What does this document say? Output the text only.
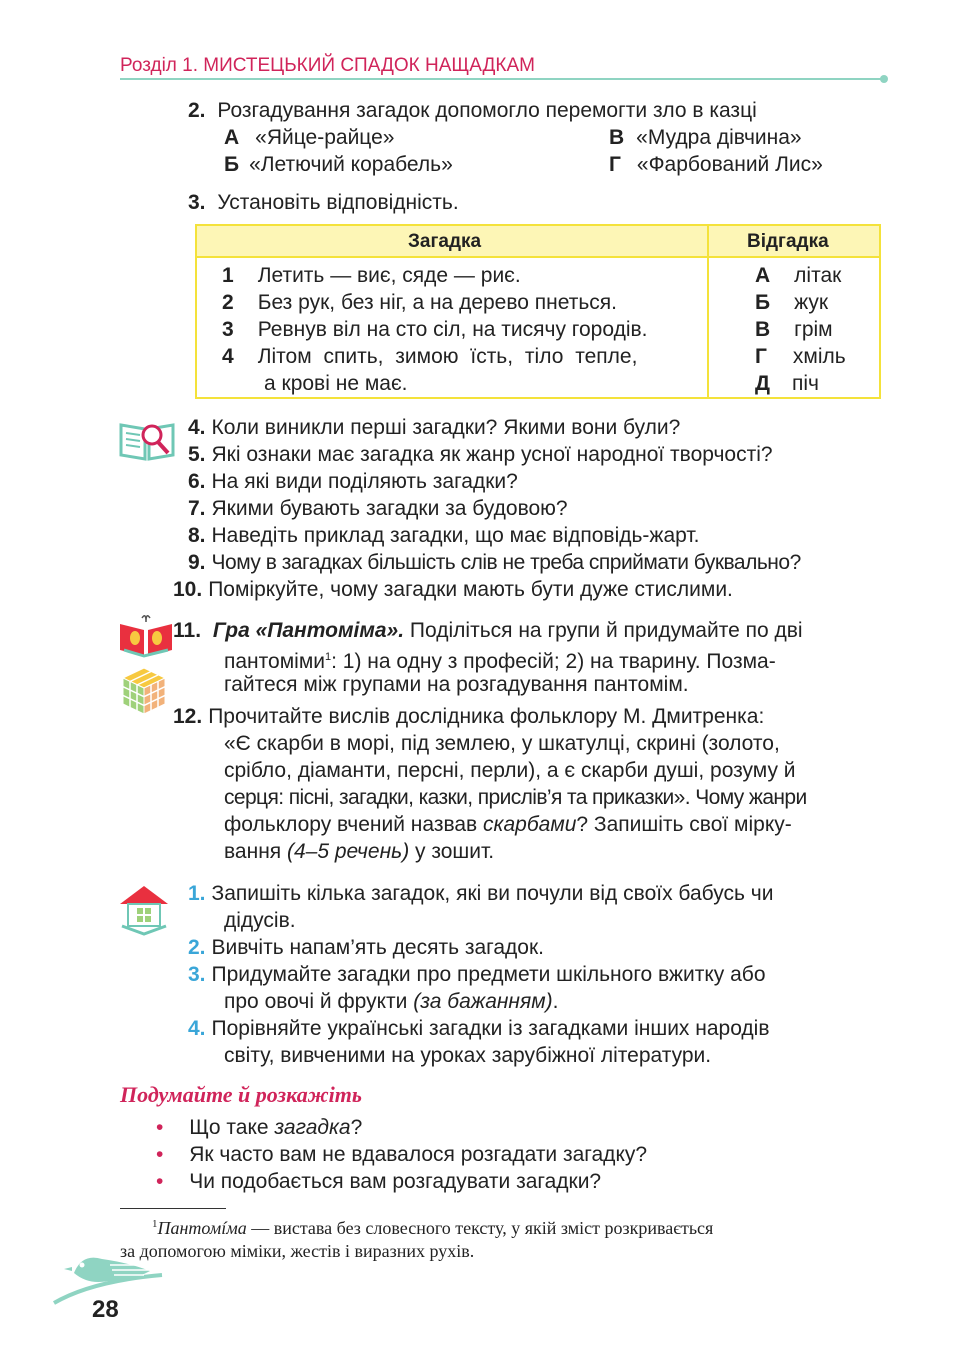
Розділ 1. МИСТЕЦЬКИЙ СПАДОК НАЩАДКАМ
2. Розгадування загадок допомогло перемогти зло в казці
А «Яйце-райце»
Б «Летючий корабель»
В «Мудра дівчина»
Г «Фарбований Лис»
3. Установіть відповідність.
Загадка	Відгадка
1 Летить — виє, сяде — риє.
2 Без рук, без ніг, а на дерево пнеться.
3 Ревнув віл на сто сіл, на тисячу городів.
4 Літом спить, зимою їсть, тіло тепле,
а крові не має.
А літак
Б жук
В грім
Г хміль
Д піч
4. Коли виникли перші загадки? Якими вони були?
5. Які ознаки має загадка як жанр усної народної творчості?
6. На які види поділяють загадки?
7. Якими бувають загадки за будовою?
8. Наведіть приклад загадки, що має відповідь-жарт.
9. Чому в загадках більшість слів не треба сприймати буквально?
10. Поміркуйте, чому загадки мають бути дуже стислими.
11. Гра «Пантоміма». Поділіться на групи й придумайте по дві
пантоміми$^1$: 1) на одну з професій; 2) на тварину. Позма-
гайтеся між групами на розгадування пантомім.
12. Прочитайте вислів дослідника фольклору М. Дмитренка:
«Є скарби в морі, під землею, у шкатулці, скрині (золото,
срібло, діаманти, персні, перли), а є скарби душі, розуму й
серця: пісні, загадки, казки, прислів’я та приказки». Чому жанри
фольклору вчений назвав скарбами? Запишіть свої мірку-
вання (4–5 речень) у зошит.
1. Запишіть кілька загадок, які ви почули від своїх бабусь чи
дідусів.
2. Вивчіть напам’ять десять загадок.
3. Придумайте загадки про предмети шкільного вжитку або
про овочі й фрукти (за бажанням).
4. Порівняйте українські загадки із загадками інших народів
світу, вивченими на уроках зарубіжної літератури.
Подумайте й розкажіть
• Що таке загадка?
• Як часто вам не вдавалося розгадати загадку?
• Чи подобається вам розгадувати загадки?
$^1$Пантомíма — вистава без словесного тексту, у якій зміст розкривається
за допомогою міміки, жестів і виразних рухів.
28
